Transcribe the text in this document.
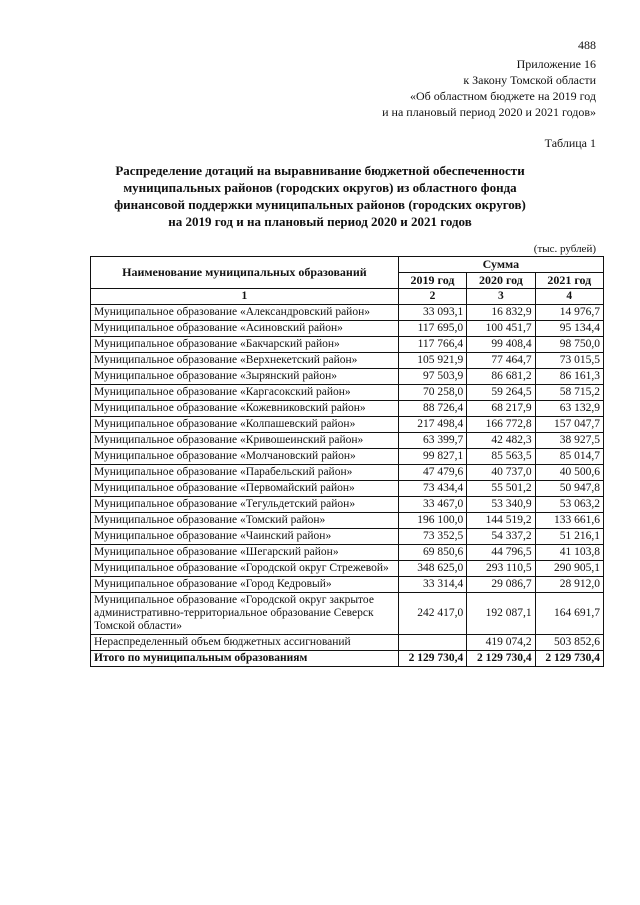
488
Приложение 16
к Закону Томской области
«Об областном бюджете на 2019 год
и на плановый период 2020 и 2021 годов»
Таблица 1
Распределение дотаций на выравнивание бюджетной обеспеченности
муниципальных районов (городских округов) из областного фонда
финансовой поддержки муниципальных районов (городских округов)
на 2019 год и на плановый период 2020 и 2021 годов
(тыс. рублей)
Наименование муниципальных образований	Сумма		
	2019 год	2020 год	2021 год
1	2	3	4
Муниципальное образование «Александровский район»	33 093,1	16 832,9	14 976,7
Муниципальное образование «Асиновский район»	117 695,0	100 451,7	95 134,4
Муниципальное образование «Бакчарский район»	117 766,4	99 408,4	98 750,0
Муниципальное образование «Верхнекетский район»	105 921,9	77 464,7	73 015,5
Муниципальное образование «Зырянский район»	97 503,9	86 681,2	86 161,3
Муниципальное образование «Каргасокский район»	70 258,0	59 264,5	58 715,2
Муниципальное образование «Кожевниковский район»	88 726,4	68 217,9	63 132,9
Муниципальное образование «Колпашевский район»	217 498,4	166 772,8	157 047,7
Муниципальное образование «Кривошеинский район»	63 399,7	42 482,3	38 927,5
Муниципальное образование «Молчановский район»	99 827,1	85 563,5	85 014,7
Муниципальное образование «Парабельский район»	47 479,6	40 737,0	40 500,6
Муниципальное образование «Первомайский район»	73 434,4	55 501,2	50 947,8
Муниципальное образование «Тегульдетский район»	33 467,0	53 340,9	53 063,2
Муниципальное образование «Томский район»	196 100,0	144 519,2	133 661,6
Муниципальное образование «Чаинский район»	73 352,5	54 337,2	51 216,1
Муниципальное образование «Шегарский район»	69 850,6	44 796,5	41 103,8
Муниципальное образование «Городской округ Стрежевой»	348 625,0	293 110,5	290 905,1
Муниципальное образование «Город Кедровый»	33 314,4	29 086,7	28 912,0
Муниципальное образование «Городской округ закрытое административно-территориальное образование Северск Томской области»	242 417,0	192 087,1	164 691,7
Нераспределенный объем бюджетных ассигнований		419 074,2	503 852,6
Итого по муниципальным образованиям	2 129 730,4	2 129 730,4	2 129 730,4
